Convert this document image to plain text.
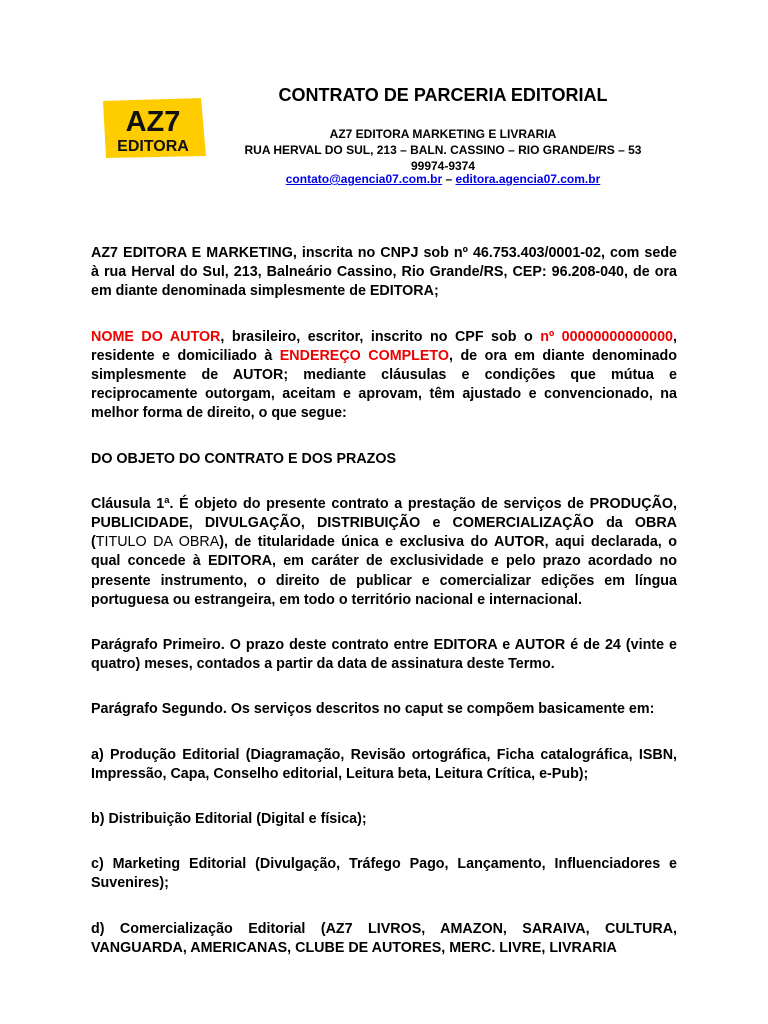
AZ7
EDITORA
CONTRATO DE PARCERIA EDITORIAL
AZ7 EDITORA MARKETING E LIVRARIA
RUA HERVAL DO SUL, 213 – BALN. CASSINO – RIO GRANDE/RS – 53 99974-9374
contato@agencia07.com.br – editora.agencia07.com.br

AZ7 EDITORA E MARKETING, inscrita no CNPJ sob nº 46.753.403/0001-02, com sede à rua Herval do Sul, 213, Balneário Cassino, Rio Grande/RS, CEP: 96.208-040, de ora em diante denominada simplesmente de EDITORA;

NOME DO AUTOR, brasileiro, escritor, inscrito no CPF sob o nº 00000000000000, residente e domiciliado à ENDEREÇO COMPLETO, de ora em diante denominado simplesmente de AUTOR; mediante cláusulas e condições que mútua e reciprocamente outorgam, aceitam e aprovam, têm ajustado e convencionado, na melhor forma de direito, o que segue:

DO OBJETO DO CONTRATO E DOS PRAZOS

Cláusula 1ª. É objeto do presente contrato a prestação de serviços de PRODUÇÃO, PUBLICIDADE, DIVULGAÇÃO, DISTRIBUIÇÃO e COMERCIALIZAÇÃO da OBRA (TITULO DA OBRA), de titularidade única e exclusiva do AUTOR, aqui declarada, o qual concede à EDITORA, em caráter de exclusividade e pelo prazo acordado no presente instrumento, o direito de publicar e comercializar edições em língua portuguesa ou estrangeira, em todo o território nacional e internacional.

Parágrafo Primeiro. O prazo deste contrato entre EDITORA e AUTOR é de 24 (vinte e quatro) meses, contados a partir da data de assinatura deste Termo.

Parágrafo Segundo. Os serviços descritos no caput se compõem basicamente em:

a) Produção Editorial (Diagramação, Revisão ortográfica, Ficha catalográfica, ISBN, Impressão, Capa, Conselho editorial, Leitura beta, Leitura Crítica, e-Pub);

b) Distribuição Editorial (Digital e física);

c) Marketing Editorial (Divulgação, Tráfego Pago, Lançamento, Influenciadores e Suvenires);

d) Comercialização Editorial (AZ7 LIVROS, AMAZON, SARAIVA, CULTURA, VANGUARDA, AMERICANAS, CLUBE DE AUTORES, MERC. LIVRE, LIVRARIA
